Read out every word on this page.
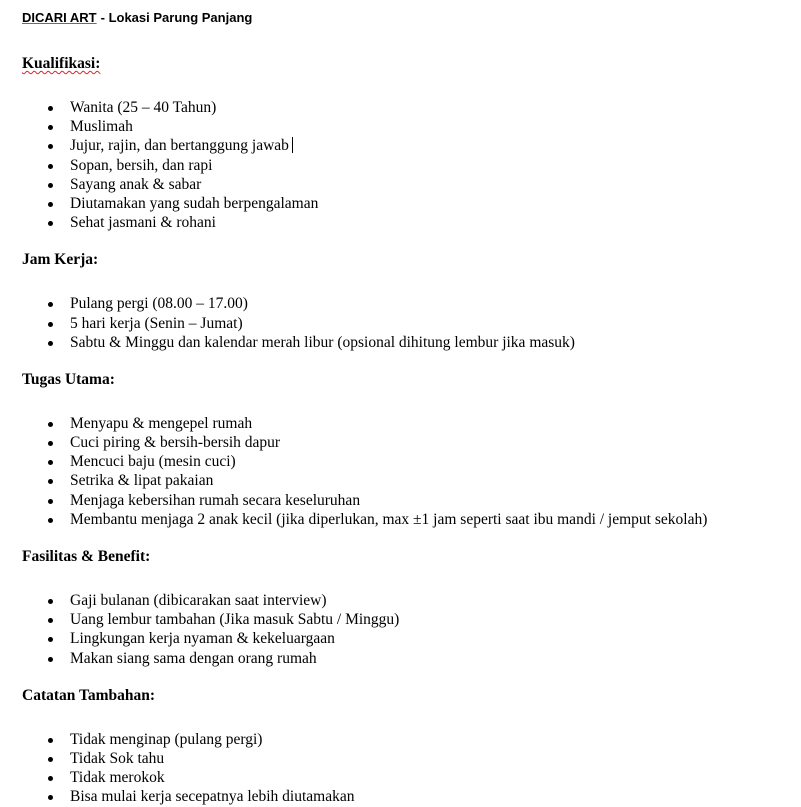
DICARI ART - Lokasi Parung Panjang
Kualifikasi:
Wanita (25 – 40 Tahun)
Muslimah
Jujur, rajin, dan bertanggung jawab
Sopan, bersih, dan rapi
Sayang anak & sabar
Diutamakan yang sudah berpengalaman
Sehat jasmani & rohani
Jam Kerja:
Pulang pergi (08.00 – 17.00)
5 hari kerja (Senin – Jumat)
Sabtu & Minggu dan kalendar merah libur (opsional dihitung lembur jika masuk)
Tugas Utama:
Menyapu & mengepel rumah
Cuci piring & bersih-bersih dapur
Mencuci baju (mesin cuci)
Setrika & lipat pakaian
Menjaga kebersihan rumah secara keseluruhan
Membantu menjaga 2 anak kecil (jika diperlukan, max ±1 jam seperti saat ibu mandi / jemput sekolah)
Fasilitas & Benefit:
Gaji bulanan (dibicarakan saat interview)
Uang lembur tambahan (Jika masuk Sabtu / Minggu)
Lingkungan kerja nyaman & kekeluargaan
Makan siang sama dengan orang rumah
Catatan Tambahan:
Tidak menginap (pulang pergi)
Tidak Sok tahu
Tidak merokok
Bisa mulai kerja secepatnya lebih diutamakan
